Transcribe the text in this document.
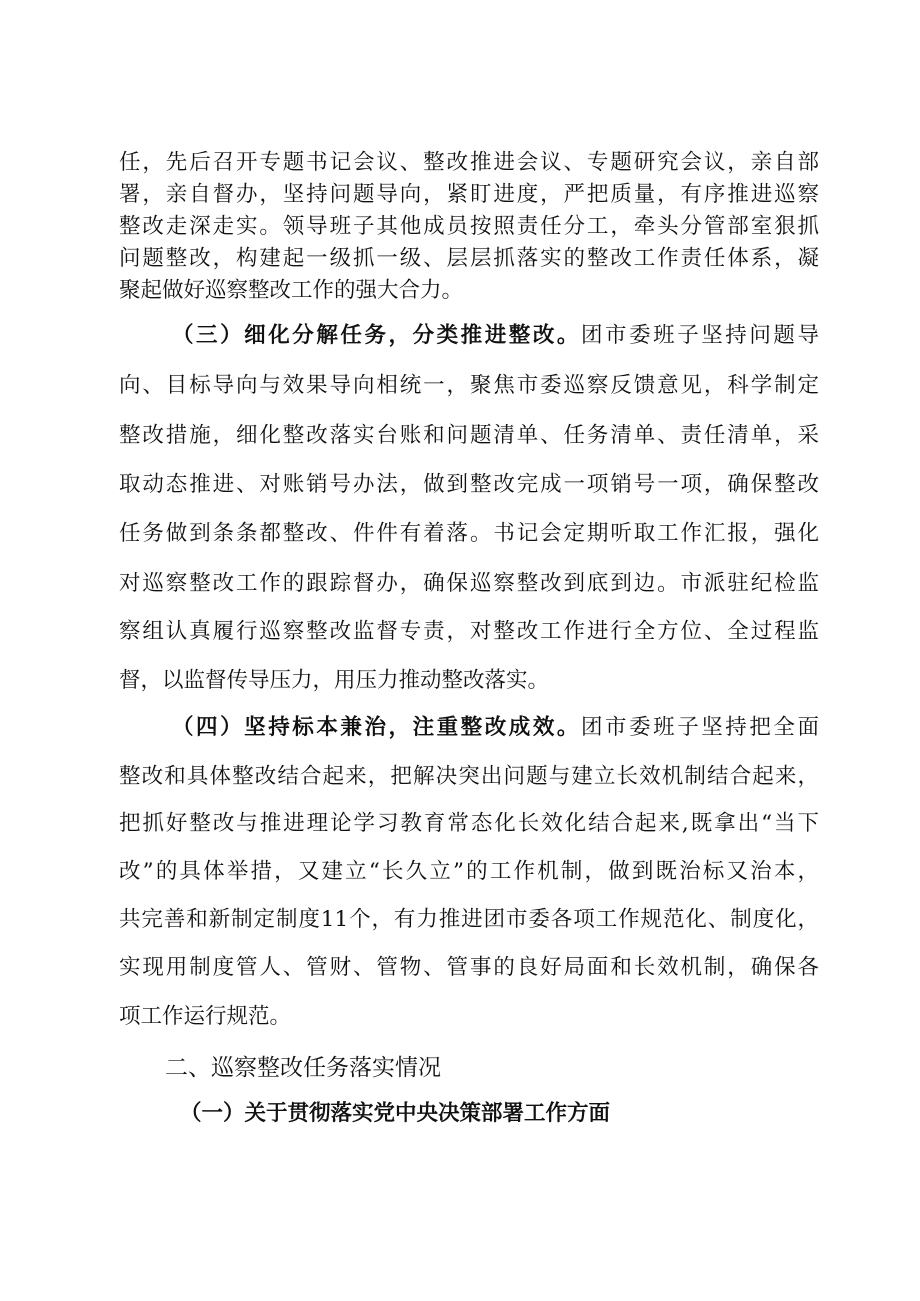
任，先后召开专题书记会议、整改推进会议、专题研究会议，亲自部
署，亲自督办，坚持问题导向，紧盯进度，严把质量，有序推进巡察
整改走深走实。领导班子其他成员按照责任分工，牵头分管部室狠抓
问题整改，构建起一级抓一级、层层抓落实的整改工作责任体系，凝
聚起做好巡察整改工作的强大合力。
（三）细化分解任务，分类推进整改。团市委班子坚持问题导
向、目标导向与效果导向相统一，聚焦市委巡察反馈意见，科学制定
整改措施，细化整改落实台账和问题清单、任务清单、责任清单，采
取动态推进、对账销号办法，做到整改完成一项销号一项，确保整改
任务做到条条都整改、件件有着落。书记会定期听取工作汇报，强化
对巡察整改工作的跟踪督办，确保巡察整改到底到边。市派驻纪检监
察组认真履行巡察整改监督专责，对整改工作进行全方位、全过程监
督，以监督传导压力，用压力推动整改落实。
（四）坚持标本兼治，注重整改成效。团市委班子坚持把全面
整改和具体整改结合起来，把解决突出问题与建立长效机制结合起来，
把抓好整改与推进理论学习教育常态化长效化结合起来,既拿出“当下
改”的具体举措，又建立“长久立”的工作机制，做到既治标又治本，
共完善和新制定制度11个，有力推进团市委各项工作规范化、制度化，
实现用制度管人、管财、管物、管事的良好局面和长效机制，确保各
项工作运行规范。
二、巡察整改任务落实情况
（一）关于贯彻落实党中央决策部署工作方面
